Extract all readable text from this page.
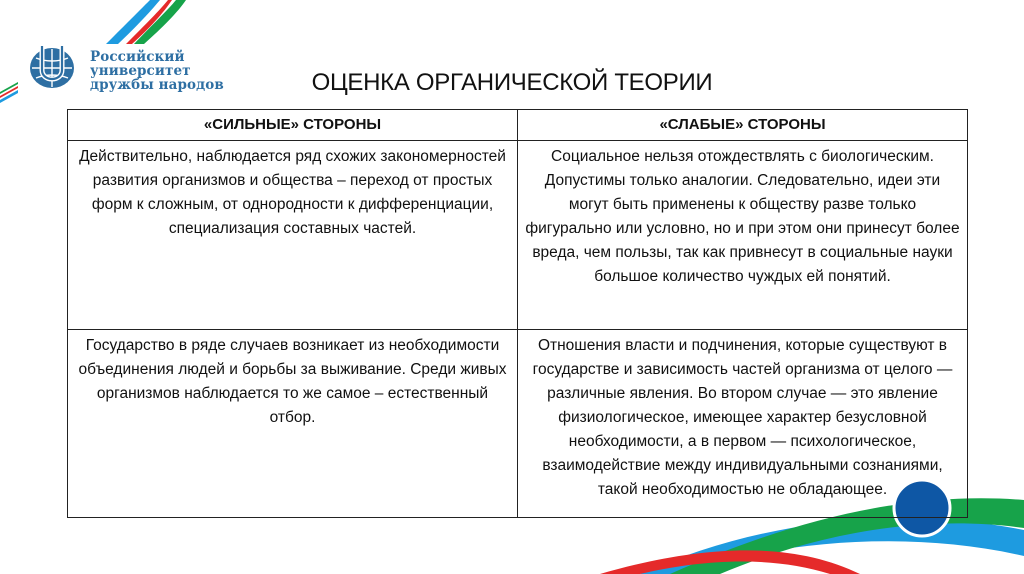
Российский университет
дружбы народов	ОЦЕНКА ОРГАНИЧЕСКОЙ ТЕОРИИ
«СИЛЬНЫЕ» СТОРОНЫ	«СЛАБЫЕ» СТОРОНЫ
Действительно, наблюдается ряд схожих закономерностей развития организмов и общества – переход от простых форм к сложным, от однородности к дифференциации, специализация составных частей.	Социальное нельзя отождествлять с биологическим. Допустимы только аналогии. Следовательно, идеи эти могут быть применены к обществу разве только фигурально или условно, но и при этом они принесут более вреда, чем пользы, так как привнесут в социальные науки большое количество чуждых ей понятий.
Государство в ряде случаев возникает из необходимости объединения людей и борьбы за выживание. Среди живых организмов наблюдается то же самое – естественный отбор.	Отношения власти и подчинения, которые существуют в государстве и зависимость частей организма от целого — различные явления. Во втором случае — это явление физиологическое, имеющее характер безусловной необходимости, а в первом — психологическое, взаимодействие между индивидуальными сознаниями, такой необходимостью не обладающее.
